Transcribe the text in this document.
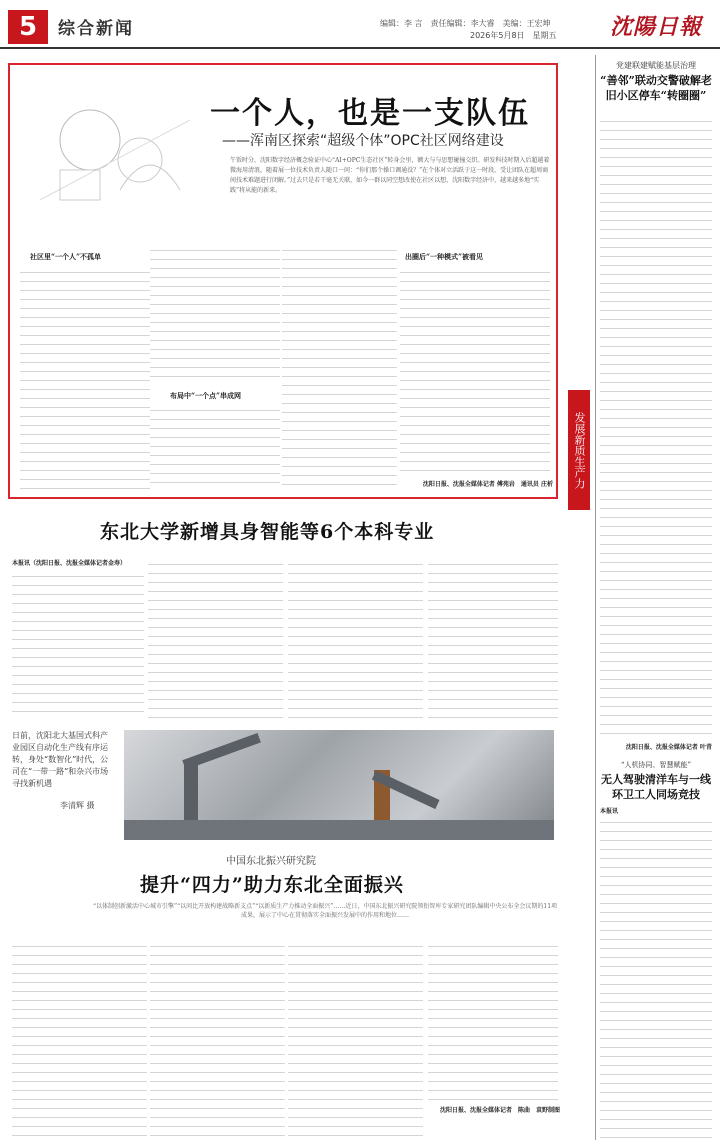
5	综合新闻	编辑：李 言　责任编辑：李大睿　美编：王宏坤
2026年5月8日　星期五 沈陽日報
一个人，也是一支队伍
——浑南区探索“超级个体”OPC社区网络建设
午饭时分，沈阳数字经济概念验证中心“AI+OPC生态社区”转身会里，额大与与思想碰撞交织。研发科技时期入后超越着微海用清浪，随着展一位技术负责人随口一问：“你们那个操口调通没？”在个体对立活跃于这一时段，受让团队在超周商间技术难题进行闭解。”过去只是若干毫无关联，如今一群以同空想改使在社区以想，沈阳数字经济中，越来越多地“实践”将从能的新来。
社区里“一个人”不孤单
布局中“一个点”串成网
出圈后“一种模式”被看见
沈阳日报、沈报全媒体记者 傅苑岩　通讯员 庄析	发展新质生产力
党建联建赋能基层治理
“善邻”联动交警破解老旧小区停车“转圈圈”
沈阳日报、沈报全媒体记者 叶青
东北大学新增具身智能等6个本科专业
本报讯（沈阳日报、沈报全媒体记者金寿）
日前，沈阳北大基国式科产业园区自动化生产线有序运转，身处“数智化”时代，公司在“一带一路”和杂兴市场寻找新机遇
李清辉 摄
中国东北振兴研究院
提升“四力”助力东北全面振兴
“以体制创新激活中心城市引擎”“以问比开放构建战略新支点”“以新质生产力推动全面振兴”……近日，中国东北振兴研究院领衔智库专家研究团队编辑中央公布全会议期的11项成果，展示了中心在贯彻落实全面振兴发展中的作用和地位……
沈阳日报、沈报全媒体记者　陈曲　袁野制图
“人机协同、智慧赋能”
无人驾驶清洋车与一线环卫工人同场竞技
本报讯
